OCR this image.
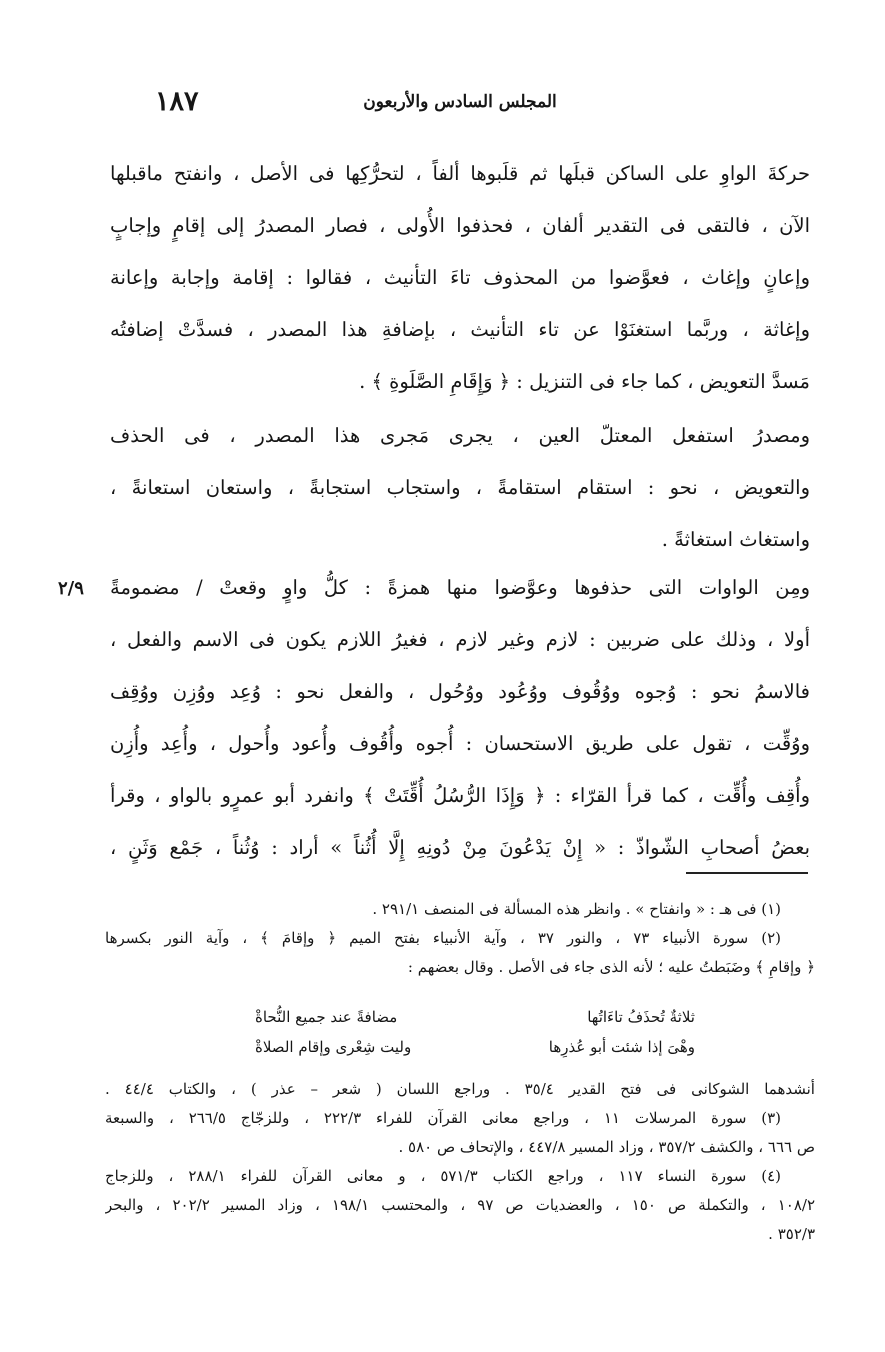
المجلس السادس والأربعون
١٨٧
حركةَ الواوِ على الساكن قبلَها ثم قلَبوها ألفاً ، لتحرُّكِها فى الأصل ، وانفتح ماقبلها
الآن ، فالتقى فى التقدير ألفان ، فحذفوا الأُولى ، فصار المصدرُ إلى إقامٍ وإجابٍ
وإعانٍ وإغاث ، فعوَّضوا من المحذوف تاءَ التأنيث ، فقالوا : إقامة وإجابة وإعانة
وإغاثة ، وربَّما استغنَوْا عن تاء التأنيث ، بإضافةِ هذا المصدر ، فسدَّتْ إضافتُه
مَسدَّ التعويض ، كما جاء فى التنزيل : ﴿ وَإِقَامِ الصَّلَوةِ ﴾ .
ومصدرُ استفعل المعتلّ العين ، يجرى مَجرى هذا المصدر ، فى الحذف
والتعويض ، نحو : استقام استقامةً ، واستجاب استجابةً ، واستعان استعانةً ،
واستغاث استغاثةً .
٢/٩ ومِن الواوات التى حذفوها وعوَّضوا منها همزةً : كلُّ واوٍ وقعتْ / مضمومةً
أولا ، وذلك على ضربين : لازم وغير لازم ، فغيرُ اللازم يكون فى الاسم والفعل ،
فالاسمُ نحو : وُجوه ووُقُوف ووُعُود ووُحُول ، والفعل نحو : وُعِد ووُزِن ووُقِف
ووُقِّت ، تقول على طريق الاستحسان : أُجوه وأُقُوف وأُعود وأُحول ، وأُعِد وأُزِن
وأُقِف وأُقِّت ، كما قرأ القرّاء : ﴿ وَإِذَا الرُّسُلُ أُقِّتَتْ ﴾ وانفرد أبو عمرٍو بالواو ، وقرأ
بعضُ أصحابِ الشّواذّ : « إِنْ يَدْعُونَ مِنْ دُونِهِ إِلَّا أُثُناً » أراد : وُثُناً ، جَمْع وَثَنٍ ،
(١) فى هـ : « وانفتاح » . وانظر هذه المسألة فى المنصف ٢٩١/١ .
(٢) سورة الأنبياء ٧٣ ، والنور ٣٧ ، وآية الأنبياء بفتح الميم ﴿ وإقامَ ﴾ ، وآية النور بكسرها
﴿ وإقامِ ﴾ وضَبَطتُ عليه ؛ لأنه الذى جاء فى الأصل . وقال بعضهم :
ثلاثةٌ تُحذَفُ تاءَاتُها
مضافةً عند جميع النُّحاةْ
وهْىَ إذا شئت أبو عُذرِها
وليت شِعْرى وإقام الصلاةْ
أنشدهما الشوكانى فى فتح القدير ٣٥/٤ . وراجع اللسان ( شعر – عذر ) ، والكتاب ٤٤/٤ .
(٣) سورة المرسلات ١١ ، وراجع معانى القرآن للفراء ٢٢٢/٣ ، وللزجّاج ٢٦٦/٥ ، والسبعة
ص ٦٦٦ ، والكشف ٣٥٧/٢ ، وزاد المسير ٤٤٧/٨ ، والإتحاف ص ٥٨٠ .
(٤) سورة النساء ١١٧ ، وراجع الكتاب ٥٧١/٣ ، و معانى القرآن للفراء ٢٨٨/١ ، وللزجاج
١٠٨/٢ ، والتكملة ص ١٥٠ ، والعضديات ص ٩٧ ، والمحتسب ١٩٨/١ ، وزاد المسير ٢٠٢/٢ ، والبحر
٣٥٢/٣ .
